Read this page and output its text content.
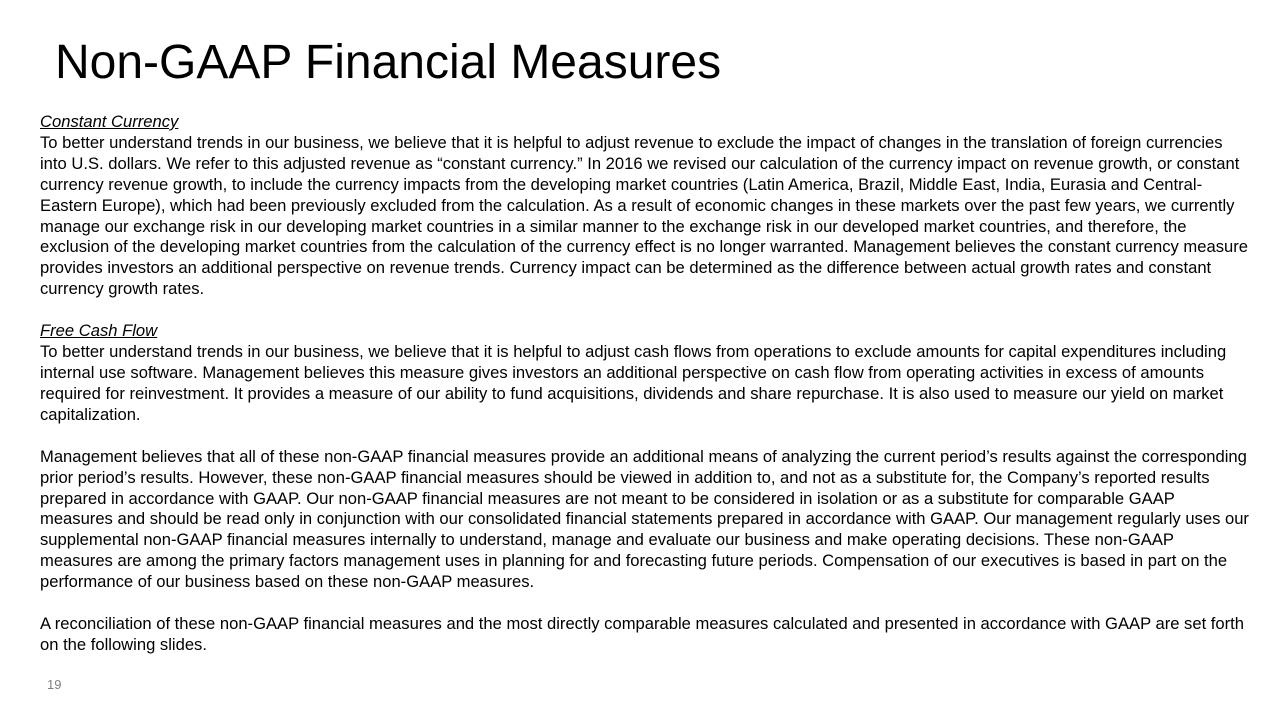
Non-GAAP Financial Measures
Constant Currency
To better understand trends in our business, we believe that it is helpful to adjust revenue to exclude the impact of changes in the translation of foreign currencies into U.S. dollars. We refer to this adjusted revenue as “constant currency.” In 2016 we revised our calculation of the currency impact on revenue growth, or constant currency revenue growth, to include the currency impacts from the developing market countries (Latin America, Brazil, Middle East, India, Eurasia and Central-Eastern Europe), which had been previously excluded from the calculation. As a result of economic changes in these markets over the past few years, we currently manage our exchange risk in our developing market countries in a similar manner to the exchange risk in our developed market countries, and therefore, the exclusion of the developing market countries from the calculation of the currency effect is no longer warranted. Management believes the constant currency measure provides investors an additional perspective on revenue trends. Currency impact can be determined as the difference between actual growth rates and constant currency growth rates.
Free Cash Flow
To better understand trends in our business, we believe that it is helpful to adjust cash flows from operations to exclude amounts for capital expenditures including internal use software. Management believes this measure gives investors an additional perspective on cash flow from operating activities in excess of amounts required for reinvestment. It provides a measure of our ability to fund acquisitions, dividends and share repurchase. It is also used to measure our yield on market capitalization.
Management believes that all of these non-GAAP financial measures provide an additional means of analyzing the current period’s results against the corresponding prior period’s results. However, these non-GAAP financial measures should be viewed in addition to, and not as a substitute for, the Company’s reported results prepared in accordance with GAAP. Our non-GAAP financial measures are not meant to be considered in isolation or as a substitute for comparable GAAP measures and should be read only in conjunction with our consolidated financial statements prepared in accordance with GAAP. Our management regularly uses our supplemental non-GAAP financial measures internally to understand, manage and evaluate our business and make operating decisions. These non-GAAP measures are among the primary factors management uses in planning for and forecasting future periods. Compensation of our executives is based in part on the performance of our business based on these non-GAAP measures.
A reconciliation of these non-GAAP financial measures and the most directly comparable measures calculated and presented in accordance with GAAP are set forth on the following slides.
19
